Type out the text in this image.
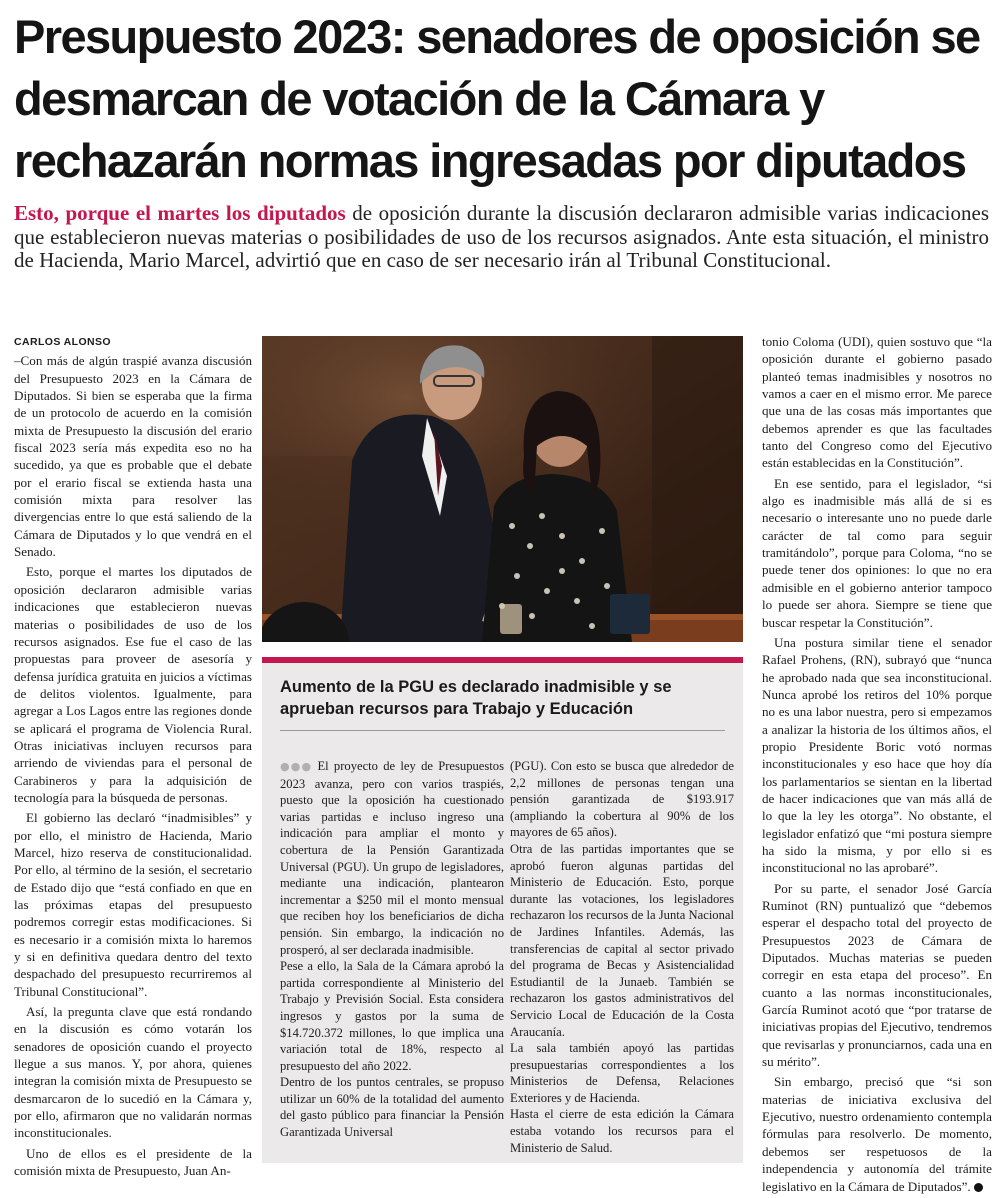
Presupuesto 2023: senadores de oposición se desmarcan de votación de la Cámara y rechazarán normas ingresadas por diputados

Esto, porque el martes los diputados de oposición durante la discusión declararon admisible varias indicaciones que establecieron nuevas materias o posibilidades de uso de los recursos asignados. Ante esta situación, el ministro de Hacienda, Mario Marcel, advirtió que en caso de ser necesario irán al Tribunal Constitucional.

CARLOS ALONSO

–Con más de algún traspié avanza discusión del Presupuesto 2023 en la Cámara de Diputados. Si bien se esperaba que la firma de un protocolo de acuerdo en la comisión mixta de Presupuesto la discusión del erario fiscal 2023 sería más expedita eso no ha sucedido, ya que es probable que el debate por el erario fiscal se extienda hasta una comisión mixta para resolver las divergencias entre lo que está saliendo de la Cámara de Diputados y lo que vendrá en el Senado.

Esto, porque el martes los diputados de oposición declararon admisible varias indicaciones que establecieron nuevas materias o posibilidades de uso de los recursos asignados. Ese fue el caso de las propuestas para proveer de asesoría y defensa jurídica gratuita en juicios a víctimas de delitos violentos. Igualmente, para agregar a Los Lagos entre las regiones donde se aplicará el programa de Violencia Rural. Otras iniciativas incluyen recursos para arriendo de viviendas para el personal de Carabineros y para la adquisición de tecnología para la búsqueda de personas.

El gobierno las declaró “inadmisibles” y por ello, el ministro de Hacienda, Mario Marcel, hizo reserva de constitucionalidad. Por ello, al término de la sesión, el secretario de Estado dijo que “está confiado en que en las próximas etapas del presupuesto podremos corregir estas modificaciones. Si es necesario ir a comisión mixta lo haremos y si en definitiva quedara dentro del texto despachado del presupuesto recurriremos al Tribunal Constitucional”.

Así, la pregunta clave que está rondando en la discusión es cómo votarán los senadores de oposición cuando el proyecto llegue a sus manos. Y, por ahora, quienes integran la comisión mixta de Presupuesto se desmarcaron de lo sucedió en la Cámara y, por ello, afirmaron que no validarán normas inconstitucionales.

Uno de ellos es el presidente de la comisión mixta de Presupuesto, Juan An-

Aumento de la PGU es declarado inadmisible y se aprueban recursos para Trabajo y Educación

●●● El proyecto de ley de Presupuestos 2023 avanza, pero con varios traspiés, puesto que la oposición ha cuestionado varias partidas e incluso ingreso una indicación para ampliar el monto y cobertura de la Pensión Garantizada Universal (PGU). Un grupo de legisladores, mediante una indicación, plantearon incrementar a $250 mil el monto mensual que reciben hoy los beneficiarios de dicha pensión. Sin embargo, la indicación no prosperó, al ser declarada inadmisible.

Pese a ello, la Sala de la Cámara aprobó la partida correspondiente al Ministerio del Trabajo y Previsión Social. Esta considera ingresos y gastos por la suma de $14.720.372 millones, lo que implica una variación total de 18%, respecto al presupuesto del año 2022.

Dentro de los puntos centrales, se propuso utilizar un 60% de la totalidad del aumento del gasto público para financiar la Pensión Garantizada Universal

(PGU). Con esto se busca que alrededor de 2,2 millones de personas tengan una pensión garantizada de $193.917 (ampliando la cobertura al 90% de los mayores de 65 años).

Otra de las partidas importantes que se aprobó fueron algunas partidas del Ministerio de Educación. Esto, porque durante las votaciones, los legisladores rechazaron los recursos de la Junta Nacional de Jardines Infantiles. Además, las transferencias de capital al sector privado del programa de Becas y Asistencialidad Estudiantil de la Junaeb. También se rechazaron los gastos administrativos del Servicio Local de Educación de la Costa Araucanía.

La sala también apoyó las partidas presupuestarias correspondientes a los Ministerios de Defensa, Relaciones Exteriores y de Hacienda.

Hasta el cierre de esta edición la Cámara estaba votando los recursos para el Ministerio de Salud.

tonio Coloma (UDI), quien sostuvo que “la oposición durante el gobierno pasado planteó temas inadmisibles y nosotros no vamos a caer en el mismo error. Me parece que una de las cosas más importantes que debemos aprender es que las facultades tanto del Congreso como del Ejecutivo están establecidas en la Constitución”.

En ese sentido, para el legislador, “si algo es inadmisible más allá de si es necesario o interesante uno no puede darle carácter de tal como para seguir tramitándolo”, porque para Coloma, “no se puede tener dos opiniones: lo que no era admisible en el gobierno anterior tampoco lo puede ser ahora. Siempre se tiene que buscar respetar la Constitución”.

Una postura similar tiene el senador Rafael Prohens, (RN), subrayó que “nunca he aprobado nada que sea inconstitucional. Nunca aprobé los retiros del 10% porque no es una labor nuestra, pero si empezamos a analizar la historia de los últimos años, el propio Presidente Boric votó normas inconstitucionales y eso hace que hoy día los parlamentarios se sientan en la libertad de hacer indicaciones que van más allá de lo que la ley les otorga”. No obstante, el legislador enfatizó que “mi postura siempre ha sido la misma, y por ello si es inconstitucional no las aprobaré”.

Por su parte, el senador José García Ruminot (RN) puntualizó que “debemos esperar el despacho total del proyecto de Presupuestos 2023 de Cámara de Diputados. Muchas materias se pueden corregir en esta etapa del proceso”. En cuanto a las normas inconstitucionales, García Ruminot acotó que “por tratarse de iniciativas propias del Ejecutivo, tendremos que revisarlas y pronunciarnos, cada una en su mérito”.

Sin embargo, precisó que “si son materias de iniciativa exclusiva del Ejecutivo, nuestro ordenamiento contempla fórmulas para resolverlo. De momento, debemos ser respetuosos de la independencia y autonomía del trámite legislativo en la Cámara de Diputados”. P
